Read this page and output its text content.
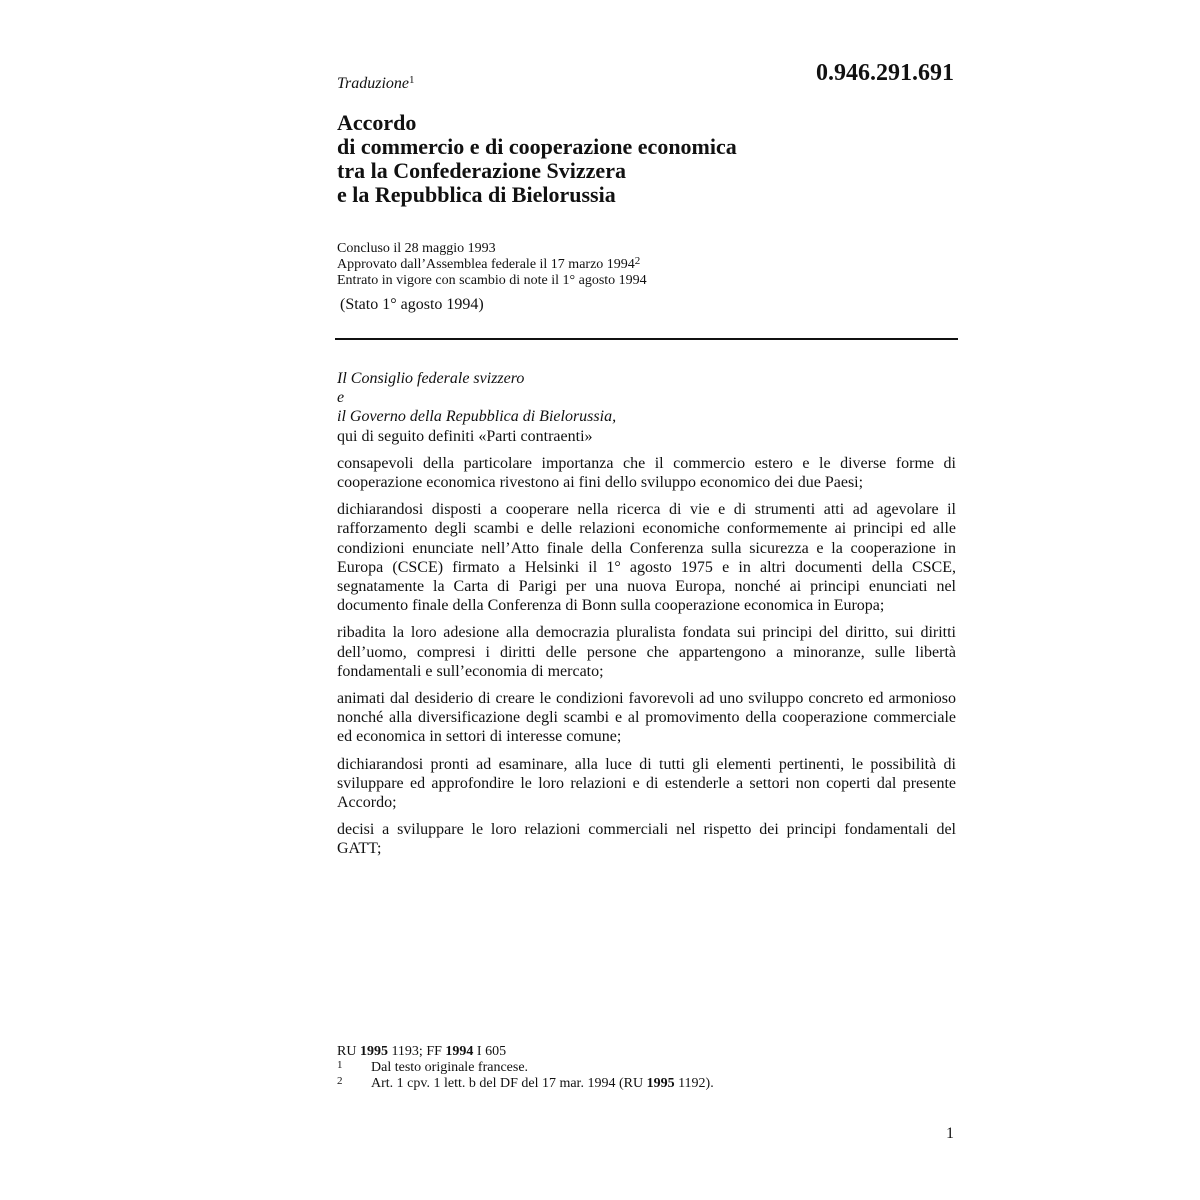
0.946.291.691
Traduzione$^1$
Accordo
di commercio e di cooperazione economica
tra la Confederazione Svizzera
e la Repubblica di Bielorussia
Concluso il 28 maggio 1993
Approvato dall’Assemblea federale il 17 marzo 1994$^2$
Entrato in vigore con scambio di note il 1° agosto 1994
(Stato 1° agosto 1994)
Il Consiglio federale svizzero
e
il Governo della Repubblica di Bielorussia,
qui di seguito definiti «Parti contraenti»
consapevoli della particolare importanza che il commercio estero e le diverse forme di cooperazione economica rivestono ai fini dello sviluppo economico dei due Paesi;
dichiarandosi disposti a cooperare nella ricerca di vie e di strumenti atti ad agevolare il rafforzamento degli scambi e delle relazioni economiche conformemente ai principi ed alle condizioni enunciate nell’Atto finale della Conferenza sulla sicurezza e la cooperazione in Europa (CSCE) firmato a Helsinki il 1° agosto 1975 e in altri documenti della CSCE, segnatamente la Carta di Parigi per una nuova Europa, nonché ai principi enunciati nel documento finale della Conferenza di Bonn sulla cooperazione economica in Europa;
ribadita la loro adesione alla democrazia pluralista fondata sui principi del diritto, sui diritti dell’uomo, compresi i diritti delle persone che appartengono a minoranze, sulle libertà fondamentali e sull’economia di mercato;
animati dal desiderio di creare le condizioni favorevoli ad uno sviluppo concreto ed armonioso nonché alla diversificazione degli scambi e al promovimento della cooperazione commerciale ed economica in settori di interesse comune;
dichiarandosi pronti ad esaminare, alla luce di tutti gli elementi pertinenti, le possibilità di sviluppare ed approfondire le loro relazioni e di estenderle a settori non coperti dal presente Accordo;
decisi a sviluppare le loro relazioni commerciali nel rispetto dei principi fondamentali del GATT;
RU 1995 1193; FF 1994 I 605
1	Dal testo originale francese.
2	Art. 1 cpv. 1 lett. b del DF del 17 mar. 1994 (RU 1995 1192).
1
